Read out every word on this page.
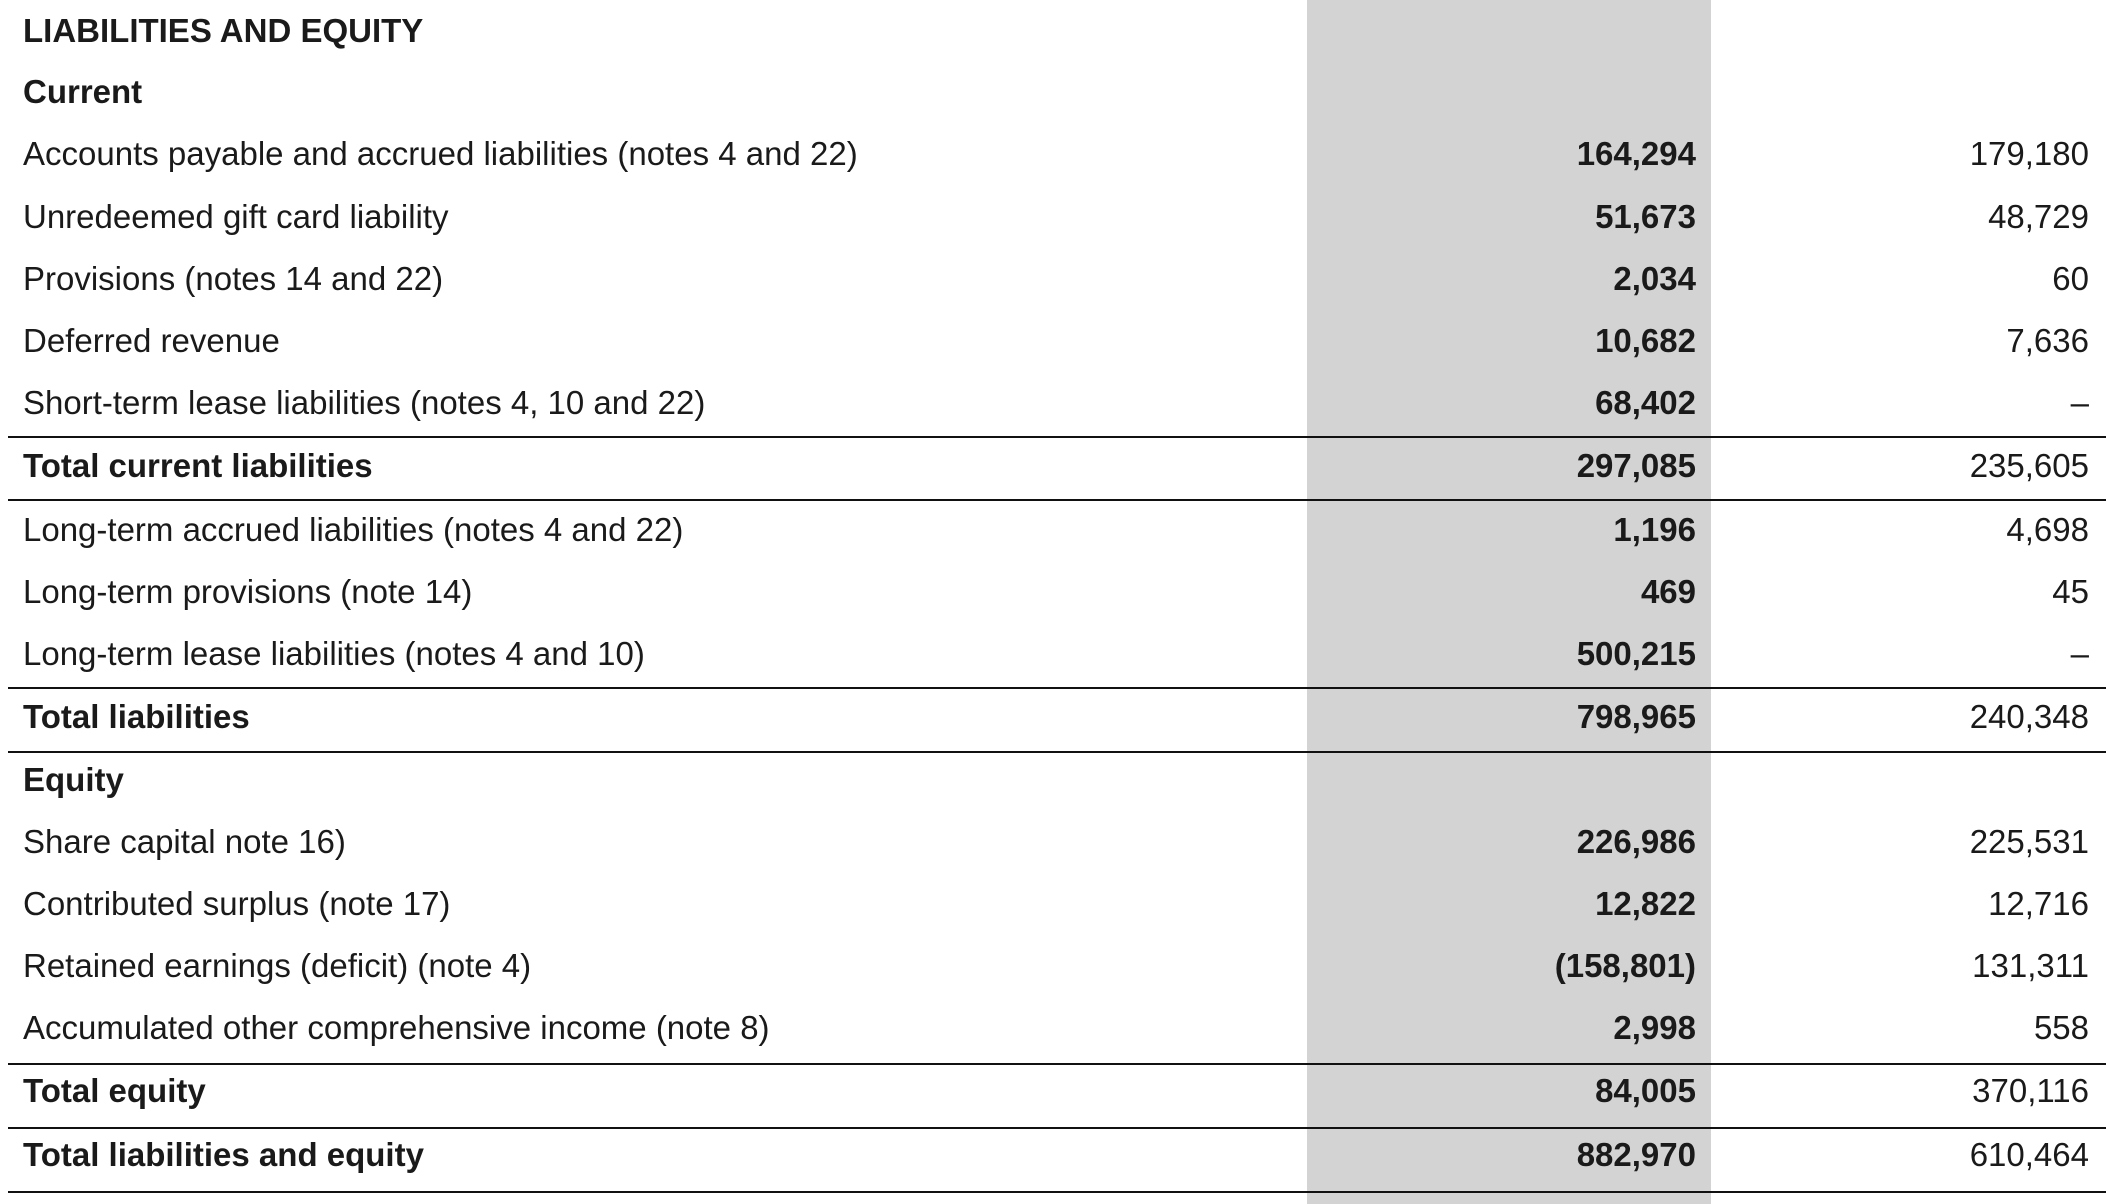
LIABILITIES AND EQUITY
Current
Accounts payable and accrued liabilities (notes 4 and 22)	164,294	179,180
Unredeemed gift card liability	51,673	48,729
Provisions (notes 14 and 22)	2,034	60
Deferred revenue	10,682	7,636
Short-term lease liabilities (notes 4, 10 and 22)	68,402	–
Total current liabilities	297,085	235,605
Long-term accrued liabilities (notes 4 and 22)	1,196	4,698
Long-term provisions (note 14)	469	45
Long-term lease liabilities (notes 4 and 10)	500,215	–
Total liabilities	798,965	240,348
Equity
Share capital note 16)	226,986	225,531
Contributed surplus (note 17)	12,822	12,716
Retained earnings (deficit) (note 4)	(158,801)	131,311
Accumulated other comprehensive income (note 8)	2,998	558
Total equity	84,005	370,116
Total liabilities and equity	882,970	610,464
